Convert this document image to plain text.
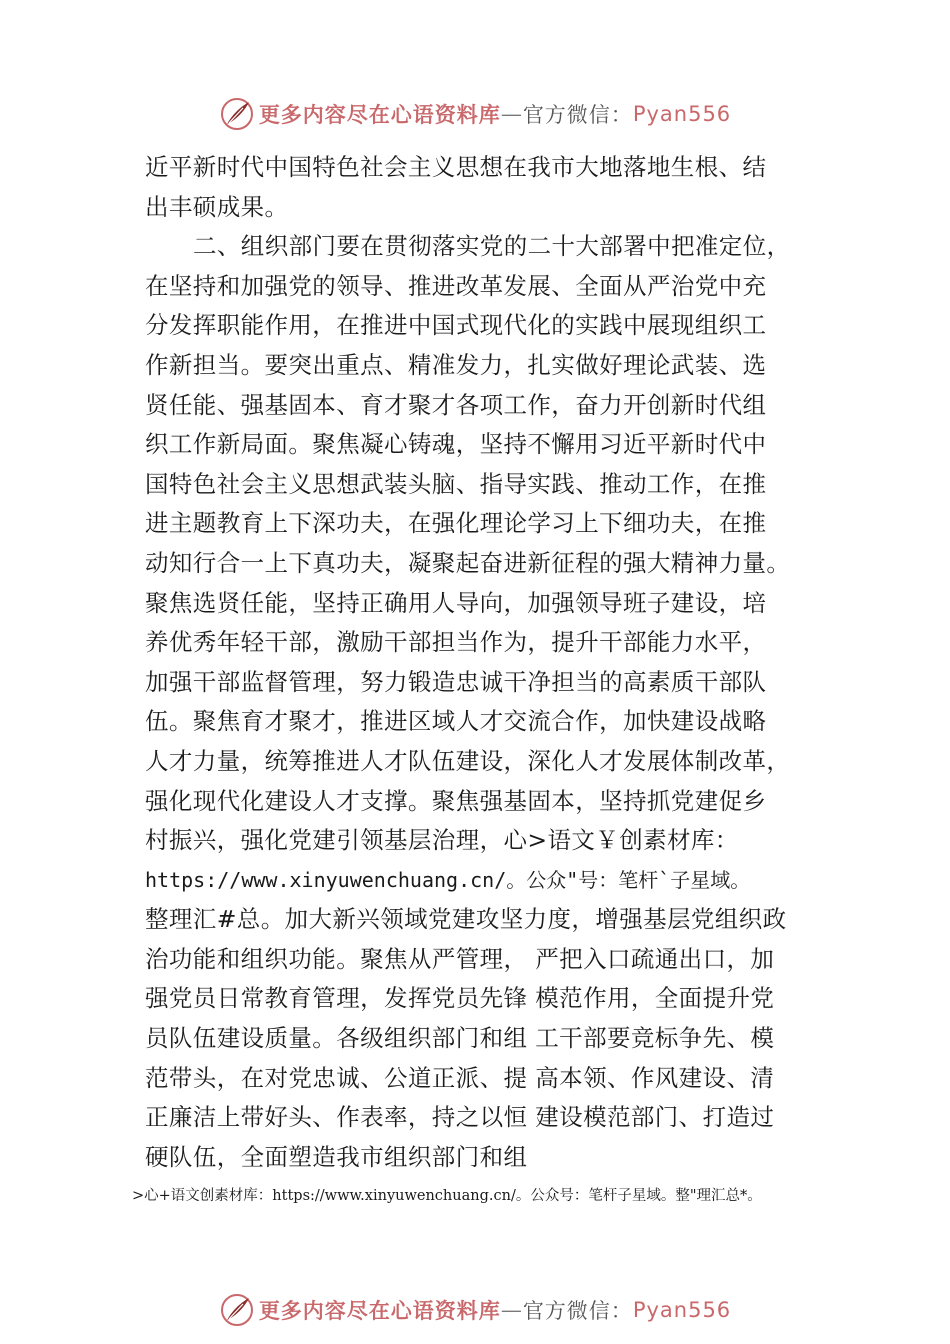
更多内容尽在心语资料库 — 官方微信： Pyan556
近平新时代中国特色社会主义思想在我市大地落地生根、结
出丰硕成果。
二、组织部门要在贯彻落实党的二十大部署中把准定位，
在坚持和加强党的领导、推进改革发展、全面从严治党中充
分发挥职能作用，在推进中国式现代化的实践中展现组织工
作新担当。要突出重点、精准发力，扎实做好理论武装、选
贤任能、强基固本、育才聚才各项工作，奋力开创新时代组
织工作新局面。聚焦凝心铸魂，坚持不懈用习近平新时代中
国特色社会主义思想武装头脑、指导实践、推动工作，在推
进主题教育上下深功夫，在强化理论学习上下细功夫，在推
动知行合一上下真功夫，凝聚起奋进新征程的强大精神力量。
聚焦选贤任能，坚持正确用人导向，加强领导班子建设，培
养优秀年轻干部，激励干部担当作为，提升干部能力水平，
加强干部监督管理，努力锻造忠诚干净担当的高素质干部队
伍。聚焦育才聚才，推进区域人才交流合作，加快建设战略
人才力量，统筹推进人才队伍建设，深化人才发展体制改革，
强化现代化建设人才支撑。聚焦强基固本，坚持抓党建促乡
村振兴，强化党建引领基层治理，心>语文￥创素材库：
https://www.xinyuwenchuang.cn/。公众"号：笔杆`子星域。
整理汇#总。加大新兴领域党建攻坚力度，增强基层党组织政
治功能和组织功能。聚焦从严管理， 严把入口疏通出口，加
强党员日常教育管理，发挥党员先锋 模范作用，全面提升党
员队伍建设质量。各级组织部门和组 工干部要竞标争先、模
范带头，在对党忠诚、公道正派、提 高本领、作风建设、清
正廉洁上带好头、作表率，持之以恒 建设模范部门、打造过
硬队伍，全面塑造我市组织部门和组
>心+语文创素材库：https://www.xinyuwenchuang.cn/。公众号：笔杆子星域。整"理汇总*。
更多内容尽在心语资料库 — 官方微信： Pyan556
